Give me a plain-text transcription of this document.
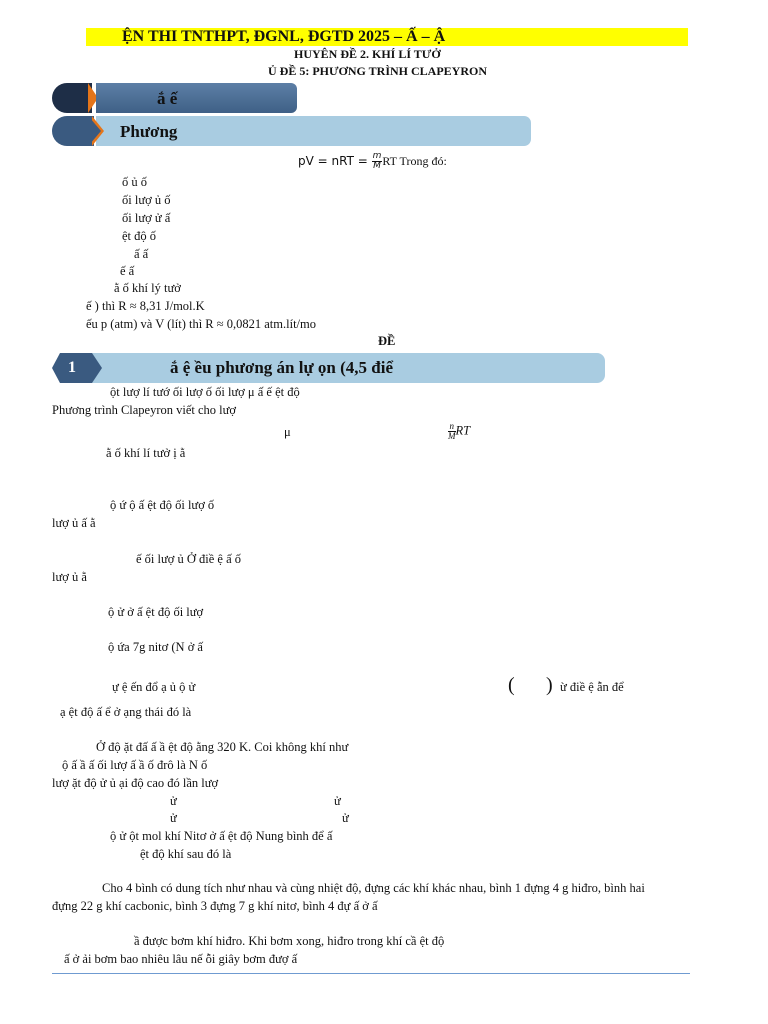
ỆN THI TNTHPT, ĐGNL, ĐGTD 2025 – Ấ – Ậ
HUYÊN ĐỀ 2. KHÍ LÍ TƯỞ
Ủ ĐỀ 5: PHƯƠNG TRÌNH CLAPEYRON
ắ ế
Phương
pV = nRT = $\frac{m}{M}$ RT Trong đó:
ố ủ ố
ối lượ ủ ố
ối lượ ử ấ
ệt độ ố
ấ ấ
ế ấ
ằ ố khí lý tưở
ế ) thì R ≈ 8,31 J/mol.K
ếu p (atm) và V (lít) thì R ≈ 0,0821 atm.lít/mo
ĐỀ
1	ắ ệ ều phương án lự ọn (4,5 điể
ột lượ lí tướ ối lượ ố ối lượ μ ấ ế ệt độ
Phương trình Clapeyron viết cho lượ
μ	$\frac{n}{M}$ RT
ằ ố khí lí tưở ị ằ
ộ ứ ộ ấ ệt độ ối lượ ố
lượ ủ ấ ằ
ế ối lượ ủ Ở điề ệ ấ ố
lượ ủ ằ
ộ ử ở ấ ệt độ ối lượ
ộ ứa 7g nitơ (N ở ấ
ự ệ ến đổ ạ ủ ộ ử	( ) ừ điề ệ ẫn để
ạ ệt độ ấ ể ở ạng thái đó là
Ở độ ặt đấ ấ ầ ệt độ ằng 320 K. Coi không khí như
ộ ấ ầ ấ ối lượ ấ ầ ố đrô là N ố
lượ ặt độ ử ủ ại độ cao đó lần lượ
ử	ử
ử	ử
ộ ử ột mol khí Nitơ ở ấ ệt độ Nung bình để ấ
ệt độ khí sau đó là
Cho 4 bình có dung tích như nhau và cùng nhiệt độ, đựng các khí khác nhau, bình 1 đựng 4 g hiđro, bình hai
đựng 22 g khí cacbonic, bình 3 đựng 7 g khí nitơ, bình 4 đự ấ ở ấ
ầ được bơm khí hiđro. Khi bơm xong, hiđro trong khí cầ ệt độ
ấ ở ải bơm bao nhiêu lâu nế ỗi giây bơm đượ ấ
